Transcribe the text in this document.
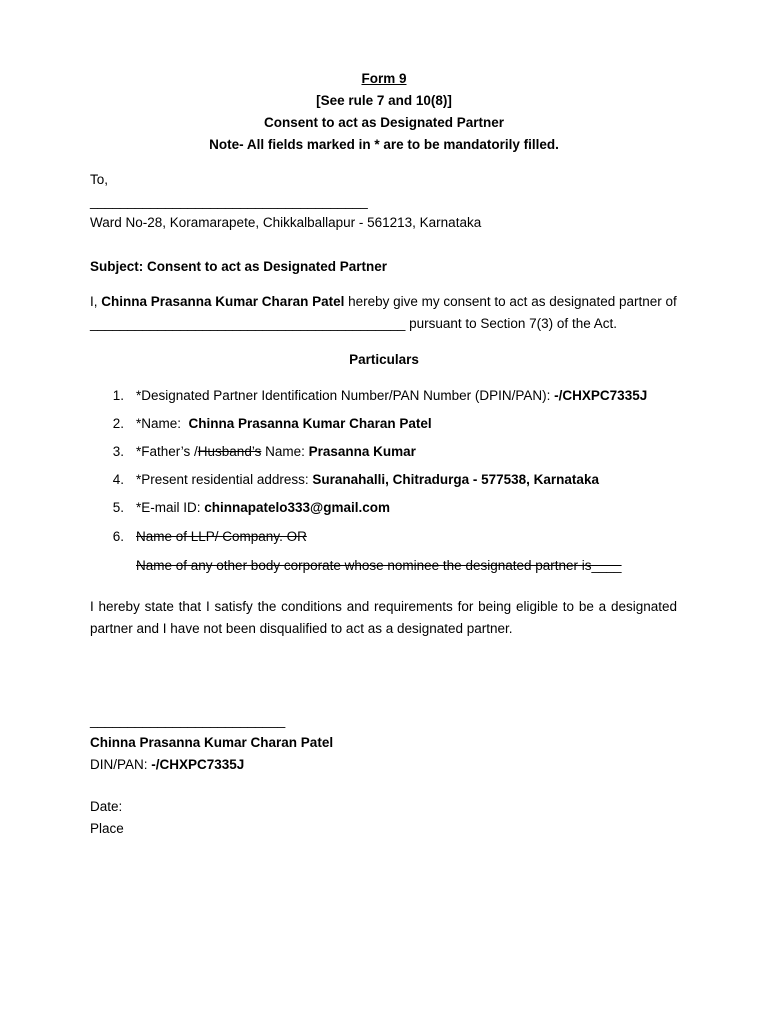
Form 9
[See rule 7 and 10(8)]
Consent to act as Designated Partner
Note- All fields marked in * are to be mandatorily filled.
To,
_____________________________________
Ward No-28, Koramarapete, Chikkalballapur - 561213, Karnataka
Subject: Consent to act as Designated Partner
I, Chinna Prasanna Kumar Charan Patel hereby give my consent to act as designated partner of
__________________________________________ pursuant to Section 7(3) of the Act.
Particulars
1. *Designated Partner Identification Number/PAN Number (DPIN/PAN): -/CHXPC7335J
2. *Name:  Chinna Prasanna Kumar Charan Patel
3. *Father’s /Husband’s Name: Prasanna Kumar
4. *Present residential address: Suranahalli, Chitradurga - 577538, Karnataka
5. *E-mail ID: chinnapatelo333@gmail.com
6. Name of LLP/ Company. OR
Name of any other body corporate whose nominee the designated partner is____
I hereby state that I satisfy the conditions and requirements for being eligible to be a designated partner and I have not been disqualified to act as a designated partner.
__________________________
Chinna Prasanna Kumar Charan Patel
DIN/PAN: -/CHXPC7335J
Date:
Place
